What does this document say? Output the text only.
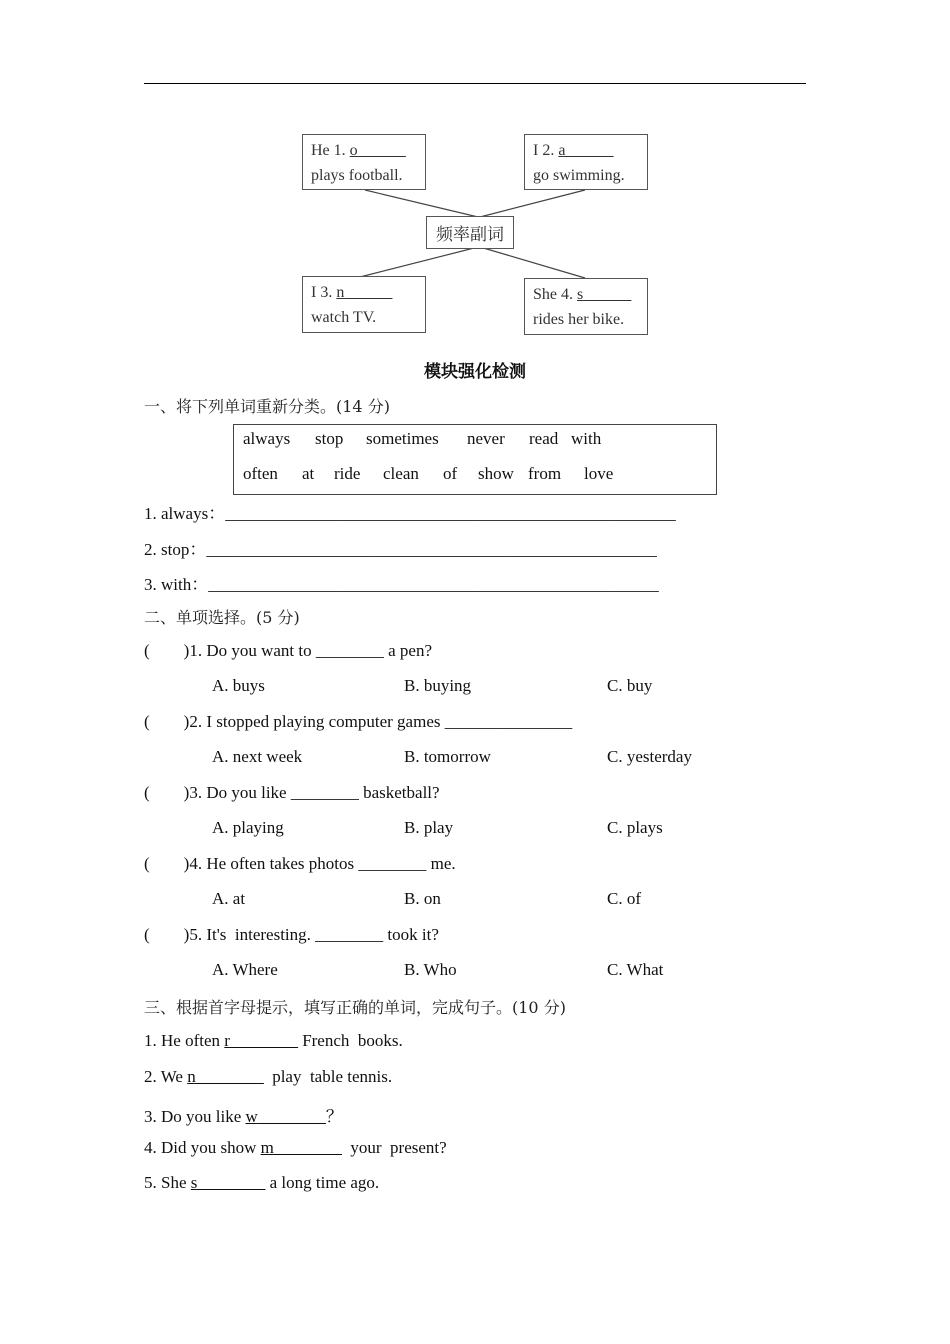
He 1. o______
plays football.
I 2. a______
go swimming.
频率副词
I 3. n______
watch TV.
She 4. s______
rides her bike.
模块强化检测
一、将下列单词重新分类。(14 分)
always stop sometimes never read with
often at ride clean of show from love
1. always：_____________________________________________________
2. stop：_____________________________________________________
3. with：_____________________________________________________
二、单项选择。(5 分)
(        )1. Do you want to ________ a pen?
A. buys	B. buying	C. buy
(        )2. I stopped playing computer games _______________
A. next week	B. tomorrow	C. yesterday
(        )3. Do you like ________ basketball?
A. playing	B. play	C. plays
(        )4. He often takes photos ________ me.
A. at	B. on	C. of
(        )5. It's  interesting. ________ took it?
A. Where	B. Who	C. What
三、根据首字母提示，填写正确的单词，完成句子。(10 分)
1. He often r________ French  books.
2. We n________  play  table tennis.
3. Do you like w________？
4. Did you show m________  your  present?
5. She s________ a long time ago.
